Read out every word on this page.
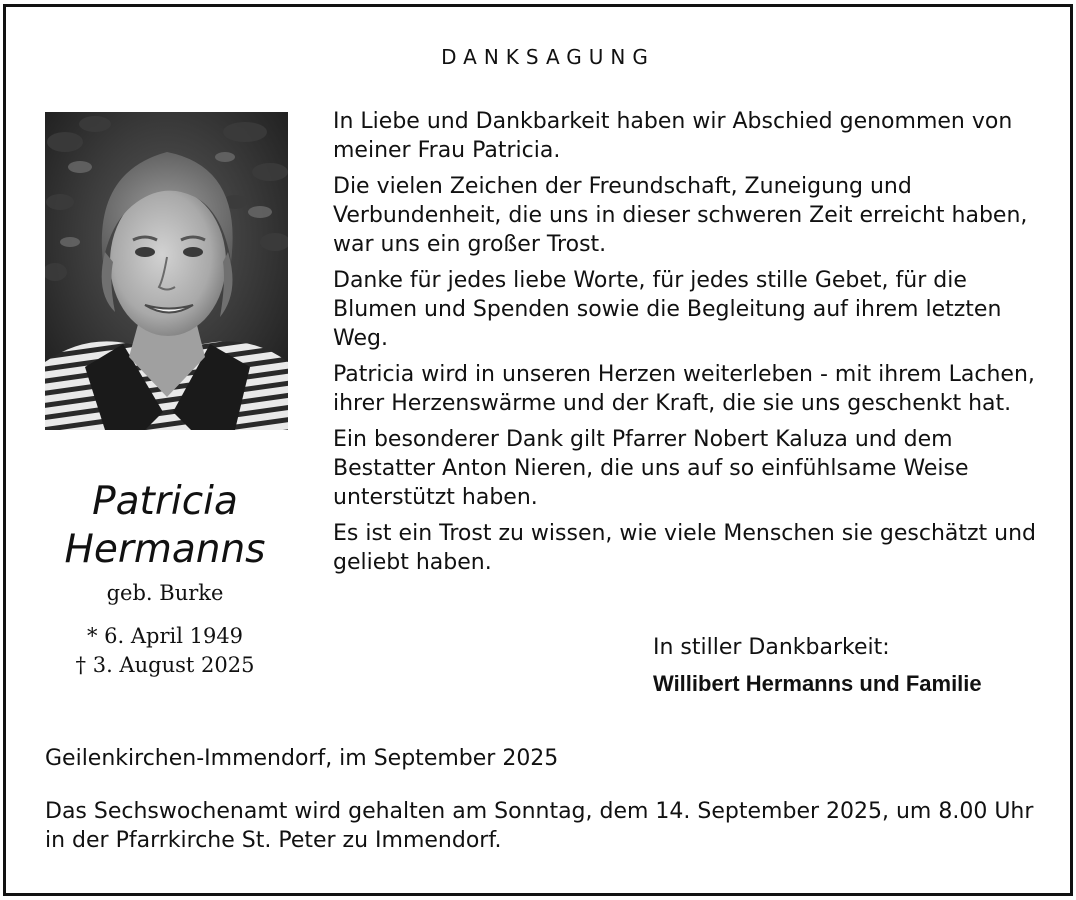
DANKSAGUNG
Patricia
Hermanns
geb. Burke
* 6. April 1949
† 3. August 2025

In Liebe und Dankbarkeit haben wir Abschied genommen von meiner Frau Patricia.

Die vielen Zeichen der Freundschaft, Zuneigung und Verbundenheit, die uns in dieser schweren Zeit erreicht haben, war uns ein großer Trost.

Danke für jedes liebe Worte, für jedes stille Gebet, für die Blumen und Spenden sowie die Begleitung auf ihrem letzten Weg.

Patricia wird in unseren Herzen weiterleben - mit ihrem Lachen, ihrer Herzenswärme und der Kraft, die sie uns geschenkt hat.

Ein besonderer Dank gilt Pfarrer Nobert Kaluza und dem Bestatter Anton Nieren, die uns auf so einfühlsame Weise unterstützt haben.

Es ist ein Trost zu wissen, wie viele Menschen sie geschätzt und geliebt haben.

In stiller Dankbarkeit:
Willibert Hermanns und Familie
Geilenkirchen-Immendorf, im September 2025
Das Sechswochenamt wird gehalten am Sonntag, dem 14. September 2025, um 8.00 Uhr in der Pfarrkirche St. Peter zu Immendorf.
